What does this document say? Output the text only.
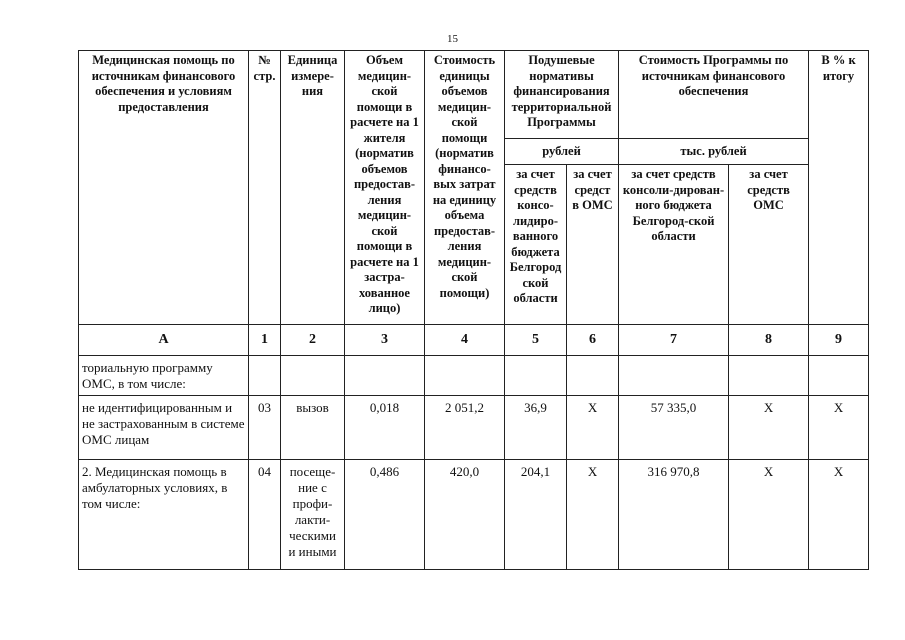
15
Медицинская помощь по источникам финансового обеспечения и условиям предоставления	№ стр.	Единица измере-ния	Объем медицин-ской помощи в расчете на 1 жителя (норматив объемов предостав-ления медицин-ской помощи в расчете на 1 застра-хованное лицо)	Стоимость единицы объемов медицин-ской помощи (норматив финансо-вых затрат на единицу объема предостав-ления медицин-ской помощи)	Подушевые нормативы финансирования территориальной Программы		Стоимость Программы по источникам финансового обеспечения		В % к итогу
					рублей		тыс. рублей		
					за счет средств консо-лидиро-ванного бюджета Белгород ской области	за счет средст в ОМС	за счет средств консоли-дирован-ного бюджета Белгород-ской области	за счет средств ОМС	
А	1	2	3	4	5	6	7	8	9
ториальную программу ОМС, в том числе:									
не идентифицированным и не застрахованным в системе ОМС лицам	03	вызов	0,018	2 051,2	36,9	Х	57 335,0	Х	Х
2. Медицинская помощь в амбулаторных условиях, в том числе:	04	посеще-ние с профи-лакти-ческими и иными	0,486	420,0	204,1	Х	316 970,8	Х	Х
